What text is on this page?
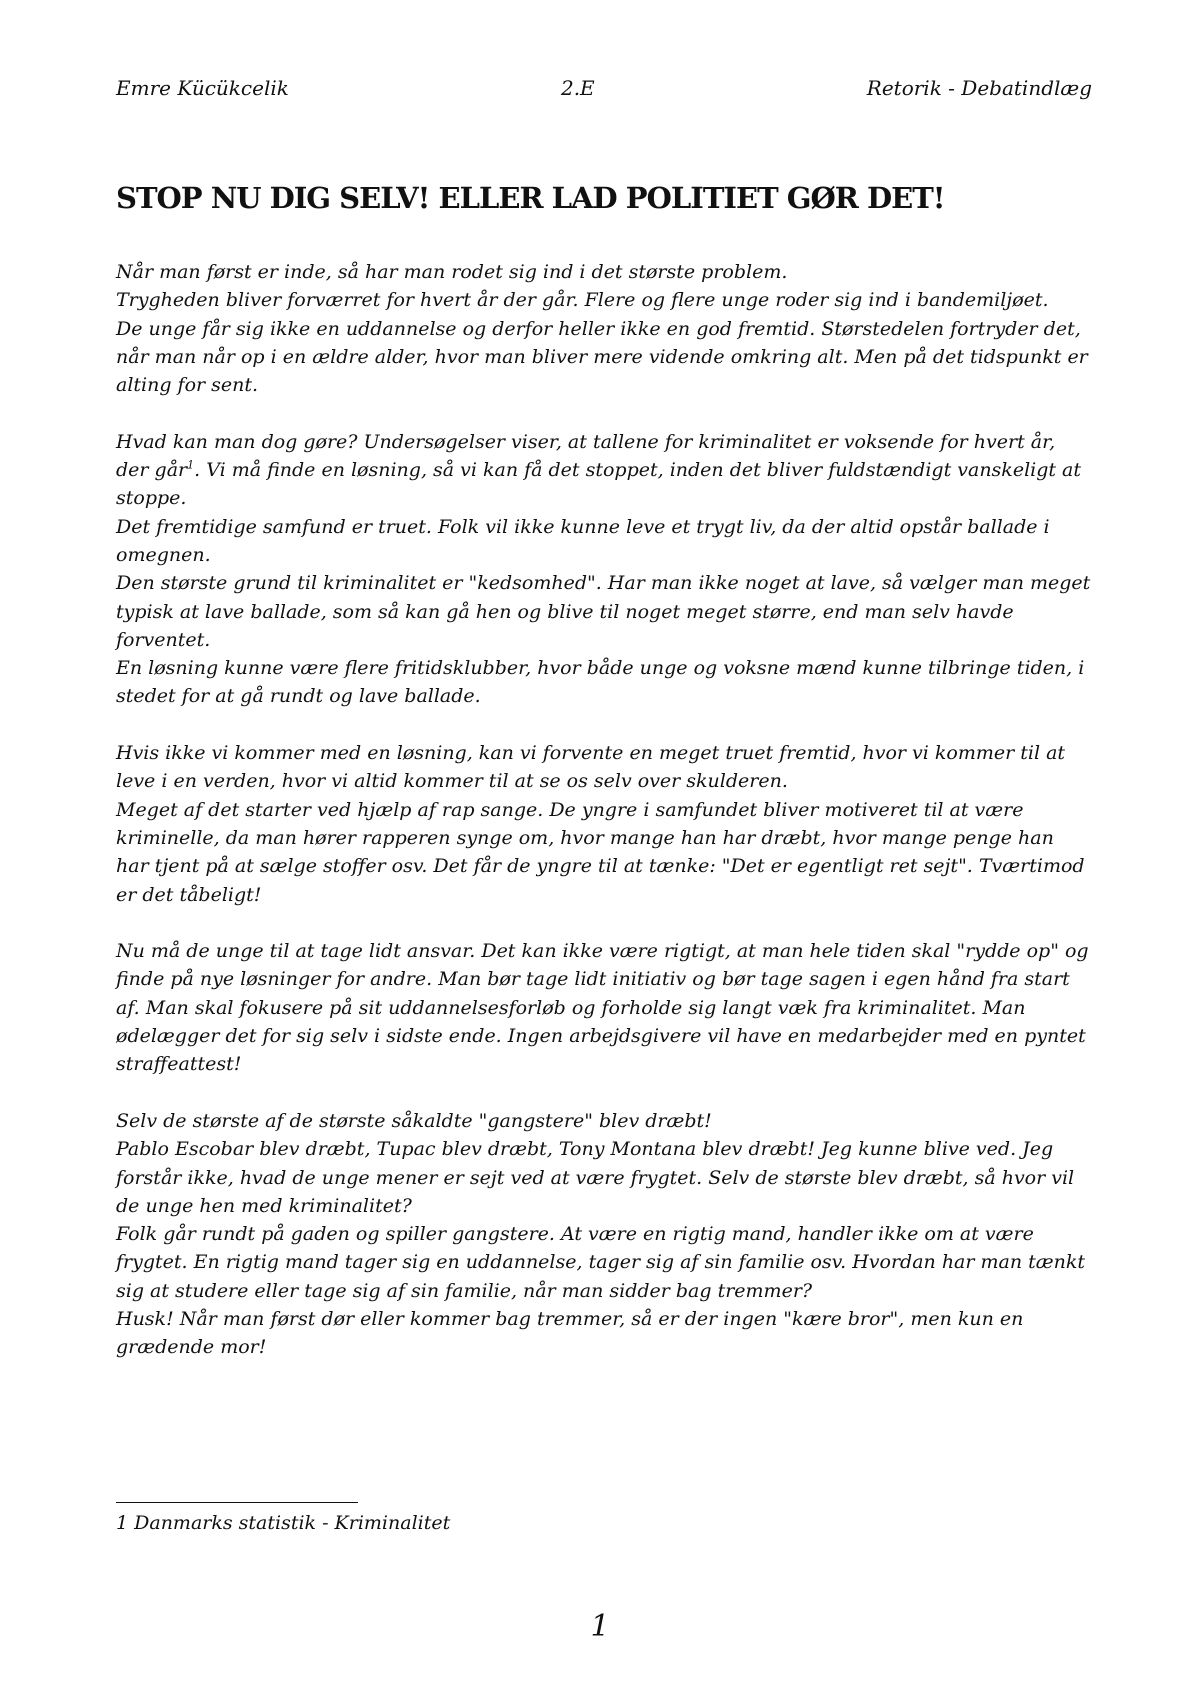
Emre Kücükcelik	2.E	Retorik - Debatindlæg
STOP NU DIG SELV! ELLER LAD POLITIET GØR DET!

Når man først er inde, så har man rodet sig ind i det største problem.
Trygheden bliver forværret for hvert år der går. Flere og flere unge roder sig ind i bandemiljøet.
De unge får sig ikke en uddannelse og derfor heller ikke en god fremtid. Størstedelen fortryder det, når man når op i en ældre alder, hvor man bliver mere vidende omkring alt. Men på det tidspunkt er alting for sent.

Hvad kan man dog gøre? Undersøgelser viser, at tallene for kriminalitet er voksende for hvert år, der går$^1$. Vi må finde en løsning, så vi kan få det stoppet, inden det bliver fuldstændigt vanskeligt at stoppe.
Det fremtidige samfund er truet. Folk vil ikke kunne leve et trygt liv, da der altid opstår ballade i omegnen.
Den største grund til kriminalitet er "kedsomhed". Har man ikke noget at lave, så vælger man meget typisk at lave ballade, som så kan gå hen og blive til noget meget større, end man selv havde forventet.
En løsning kunne være flere fritidsklubber, hvor både unge og voksne mænd kunne tilbringe tiden, i stedet for at gå rundt og lave ballade.

Hvis ikke vi kommer med en løsning, kan vi forvente en meget truet fremtid, hvor vi kommer til at leve i en verden, hvor vi altid kommer til at se os selv over skulderen.
Meget af det starter ved hjælp af rap sange. De yngre i samfundet bliver motiveret til at være kriminelle, da man hører rapperen synge om, hvor mange han har dræbt, hvor mange penge han har tjent på at sælge stoffer osv. Det får de yngre til at tænke: "Det er egentligt ret sejt". Tværtimod er det tåbeligt!

Nu må de unge til at tage lidt ansvar. Det kan ikke være rigtigt, at man hele tiden skal "rydde op" og finde på nye løsninger for andre. Man bør tage lidt initiativ og bør tage sagen i egen hånd fra start af. Man skal fokusere på sit uddannelsesforløb og forholde sig langt væk fra kriminalitet. Man ødelægger det for sig selv i sidste ende. Ingen arbejdsgivere vil have en medarbejder med en pyntet straffeattest!

Selv de største af de største såkaldte "gangstere" blev dræbt!
Pablo Escobar blev dræbt, Tupac blev dræbt, Tony Montana blev dræbt! Jeg kunne blive ved. Jeg forstår ikke, hvad de unge mener er sejt ved at være frygtet. Selv de største blev dræbt, så hvor vil de unge hen med kriminalitet?
Folk går rundt på gaden og spiller gangstere. At være en rigtig mand, handler ikke om at være frygtet. En rigtig mand tager sig en uddannelse, tager sig af sin familie osv. Hvordan har man tænkt sig at studere eller tage sig af sin familie, når man sidder bag tremmer?
Husk! Når man først dør eller kommer bag tremmer, så er der ingen "kære bror", men kun en grædende mor!

1 Danmarks statistik - Kriminalitet
1
